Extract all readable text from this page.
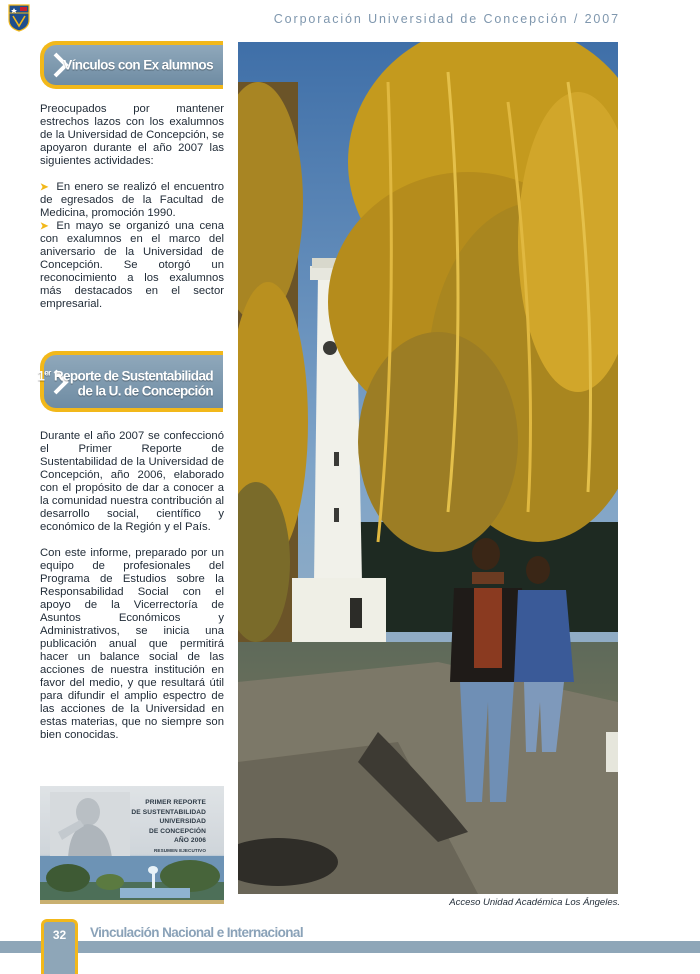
Corporación Universidad de Concepción / 2007
Vínculos con Ex alumnos

Preocupados por mantener estrechos lazos con los exalumnos de la Universidad de Concepción, se apoyaron durante el año 2007 las siguientes actividades:

➤ En enero se realizó el encuentro de egresados de la Facultad de Medicina, promoción 1990.

➤ En mayo se organizó una cena con exalumnos en el marco del aniversario de la Universidad de Concepción. Se otorgó un reconocimiento a los exalumnos más destacados en el sector empresarial.

1er Reporte de Sustentabilidad
de la U. de Concepción

Durante el año 2007 se confeccionó el Primer Reporte de Sustentabilidad de la Universidad de Concepción, año 2006, elaborado con el propósito de dar a conocer a la comunidad nuestra contribución al desarrollo social, científico y económico de la Región y el País.

Con este informe, preparado por un equipo de profesionales del Programa de Estudios sobre la Responsabilidad Social con el apoyo de la Vicerrectoría de Asuntos Económicos y Administrativos, se inicia una publicación anual que permitirá hacer un balance social de las acciones de nuestra institución en favor del medio, y que resultará útil para difundir el amplio espectro de las acciones de la Universidad en estas materias, que no siempre son bien conocidas.

PRIMER REPORTE
DE SUSTENTABILIDAD
UNIVERSIDAD
DE CONCEPCIÓN
AÑO 2006
RESUMEN EJECUTIVO
Acceso Unidad Académica Los Ángeles.
32	Vinculación Nacional e Internacional
